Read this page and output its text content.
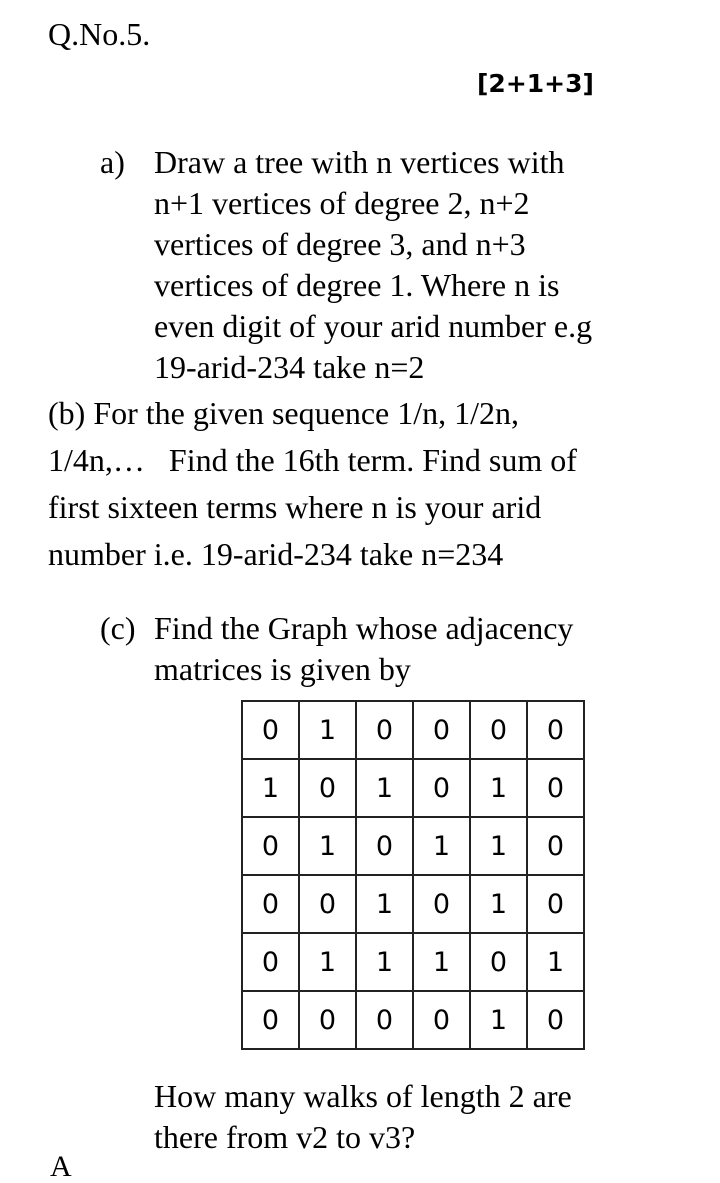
Q.No.5.
[2+1+3]
a) Draw a tree with n vertices with
n+1 vertices of degree 2, n+2
vertices of degree 3, and n+3
vertices of degree 1. Where n is
even digit of your arid number e.g
19-arid-234 take n=2
(b) For the given sequence 1/n, 1/2n,
1/4n,…   Find the 16th term. Find sum of
first sixteen terms where n is your arid
number i.e. 19-arid-234 take n=234
(c) Find the Graph whose adjacency
matrices is given by
0	1	0	0	0	0
1	0	1	0	1	0
0	1	0	1	1	0
0	0	1	0	1	0
0	1	1	1	0	1
0	0	0	0	1	0
How many walks of length 2 are
there from v2 to v3?
A
